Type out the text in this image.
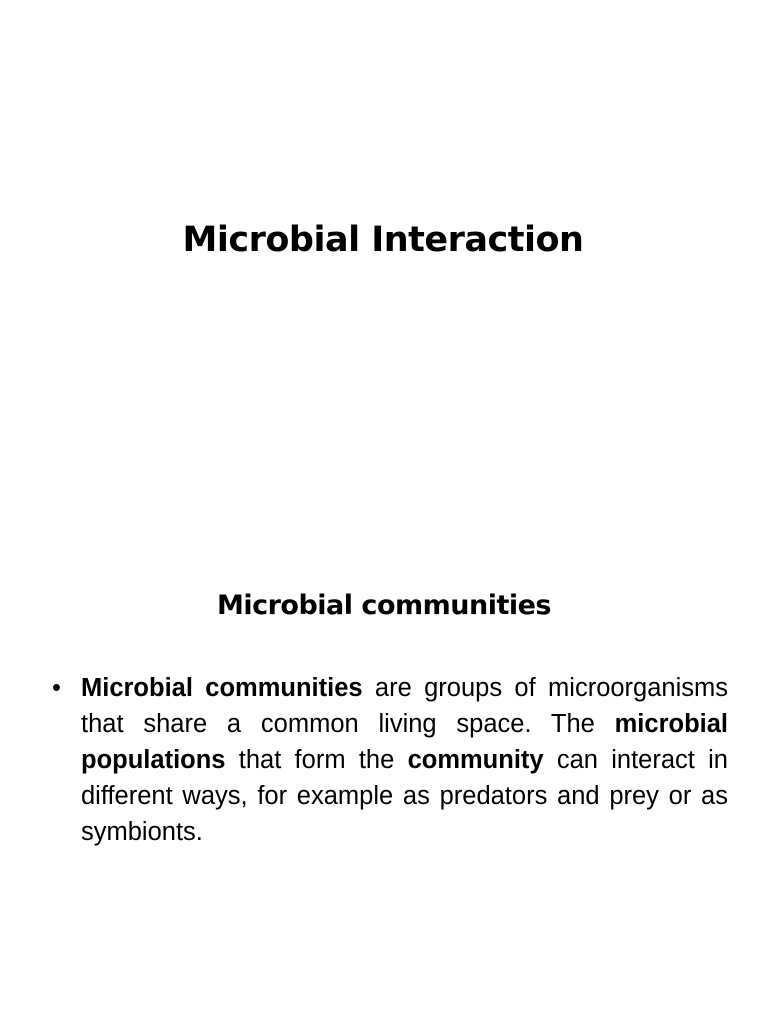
Microbial Interaction
Microbial communities
• Microbial communities are groups of microorganisms that share a common living space. The microbial populations that form the community can interact in different ways, for example as predators and prey or as symbionts.
